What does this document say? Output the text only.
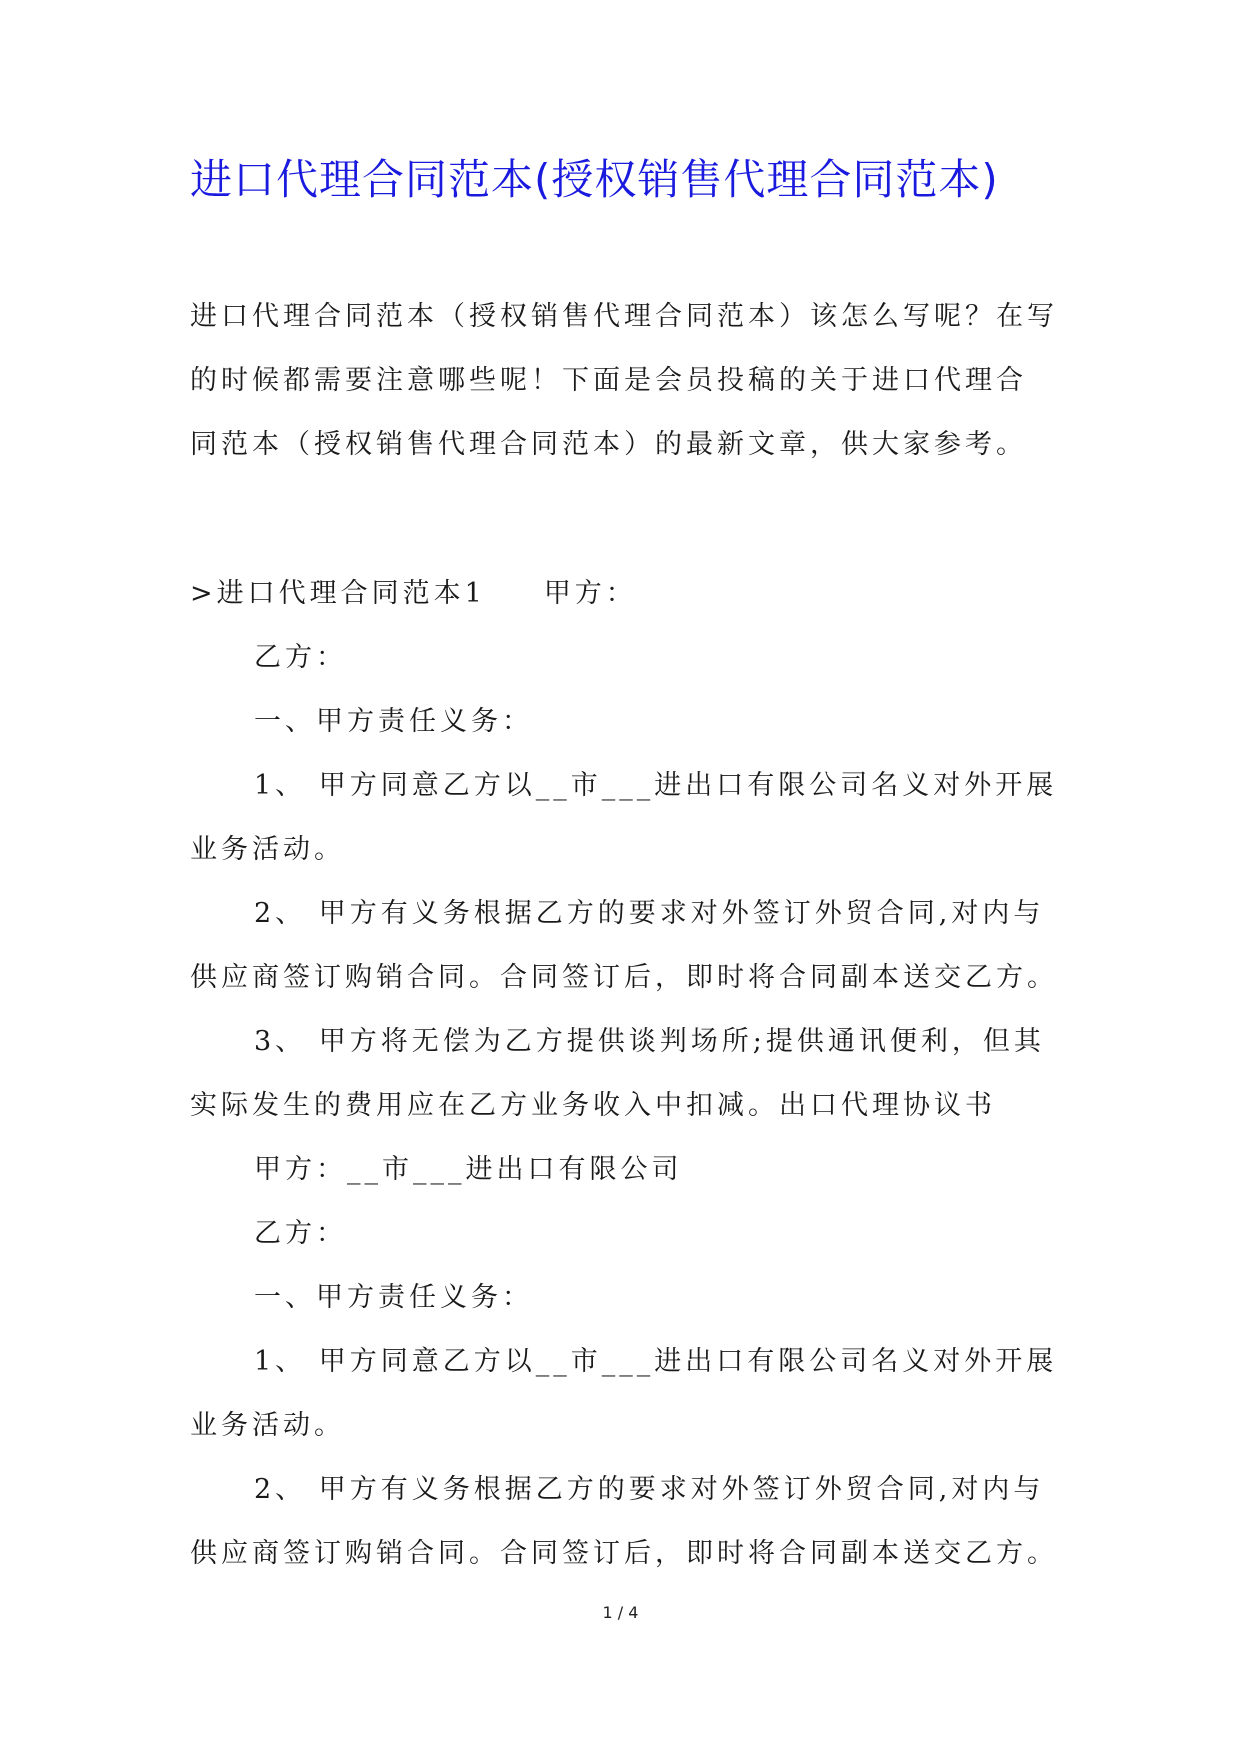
进口代理合同范本(授权销售代理合同范本)

进口代理合同范本（授权销售代理合同范本）该怎么写呢？在写

的时候都需要注意哪些呢！下面是会员投稿的关于进口代理合

同范本（授权销售代理合同范本）的最新文章，供大家参考。

>进口代理合同范本1 甲方：

乙方：

一、甲方责任义务：

1、 甲方同意乙方以__市___进出口有限公司名义对外开展

业务活动。

2、 甲方有义务根据乙方的要求对外签订外贸合同,对内与

供应商签订购销合同。合同签订后，即时将合同副本送交乙方。

3、 甲方将无偿为乙方提供谈判场所;提供通讯便利，但其

实际发生的费用应在乙方业务收入中扣减。出口代理协议书

甲方：__市___进出口有限公司

乙方：

一、甲方责任义务：

1、 甲方同意乙方以__市___进出口有限公司名义对外开展

业务活动。

2、 甲方有义务根据乙方的要求对外签订外贸合同,对内与

供应商签订购销合同。合同签订后，即时将合同副本送交乙方。

1 / 4
